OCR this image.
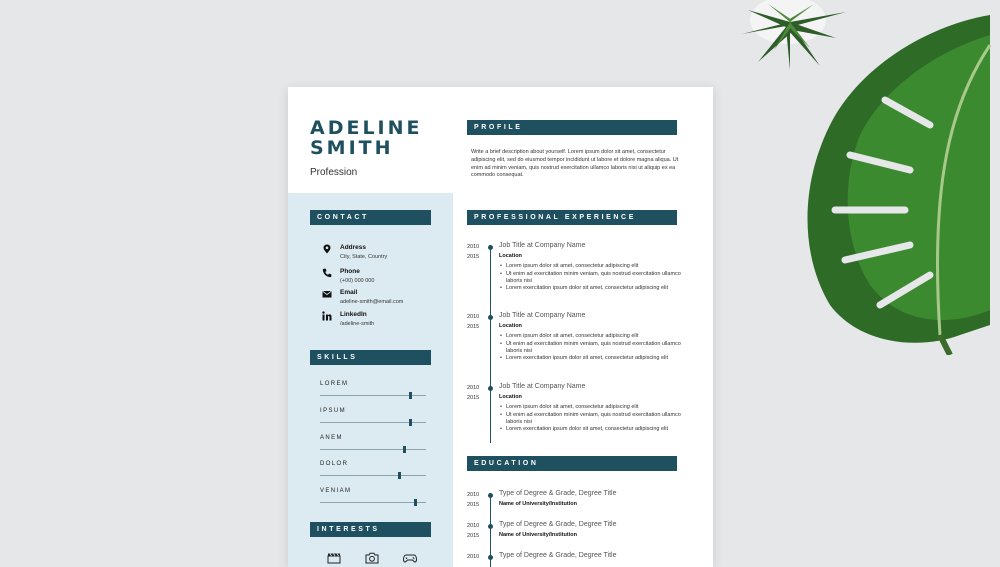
ADELINE
SMITH
Profession
PROFILE
Write a brief description about yourself. Lorem ipsum dolor sit amet, consectetur adipiscing elit, sed do eiusmod tempor incididunt ut labore et dolore magna aliqua. Ut enim ad minim veniam, quis nostrud exercitation ullamco laboris nisi ut aliquip ex ea commodo consequat.
CONTACT
Address
City, State, Country
Phone
(+00) 000 000
Email
adeline-smith@email.com
LinkedIn
/adeline-smith
SKILLS
LOREM
IPSUM
ANEM
DOLOR
VENIAM
INTERESTS
PROFESSIONAL EXPERIENCE
2010
2015
Job Title at Company Name
Location
• Lorem ipsum dolor sit amet, consectetur adipiscing elit
• Ut enim ad exercitation minim veniam, quis nostrud exercitation ullamco laboris nisi
• Lorem exercitation ipsum dolor sit amet, consectetur adipiscing elit
2010
2015
Job Title at Company Name
Location
• Lorem ipsum dolor sit amet, consectetur adipiscing elit
• Ut enim ad exercitation minim veniam, quis nostrud exercitation ullamco laboris nisi
• Lorem exercitation ipsum dolor sit amet, consectetur adipiscing elit
2010
2015
Job Title at Company Name
Location
• Lorem ipsum dolor sit amet, consectetur adipiscing elit
• Ut enim ad exercitation minim veniam, quis nostrud exercitation ullamco laboris nisi
• Lorem exercitation ipsum dolor sit amet, consectetur adipiscing elit
EDUCATION
2010
2015
Type of Degree & Grade, Degree Title
Name of University/Institution
2010
2015
Type of Degree & Grade, Degree Title
Name of University/Institution
2010	Type of Degree & Grade, Degree Title
